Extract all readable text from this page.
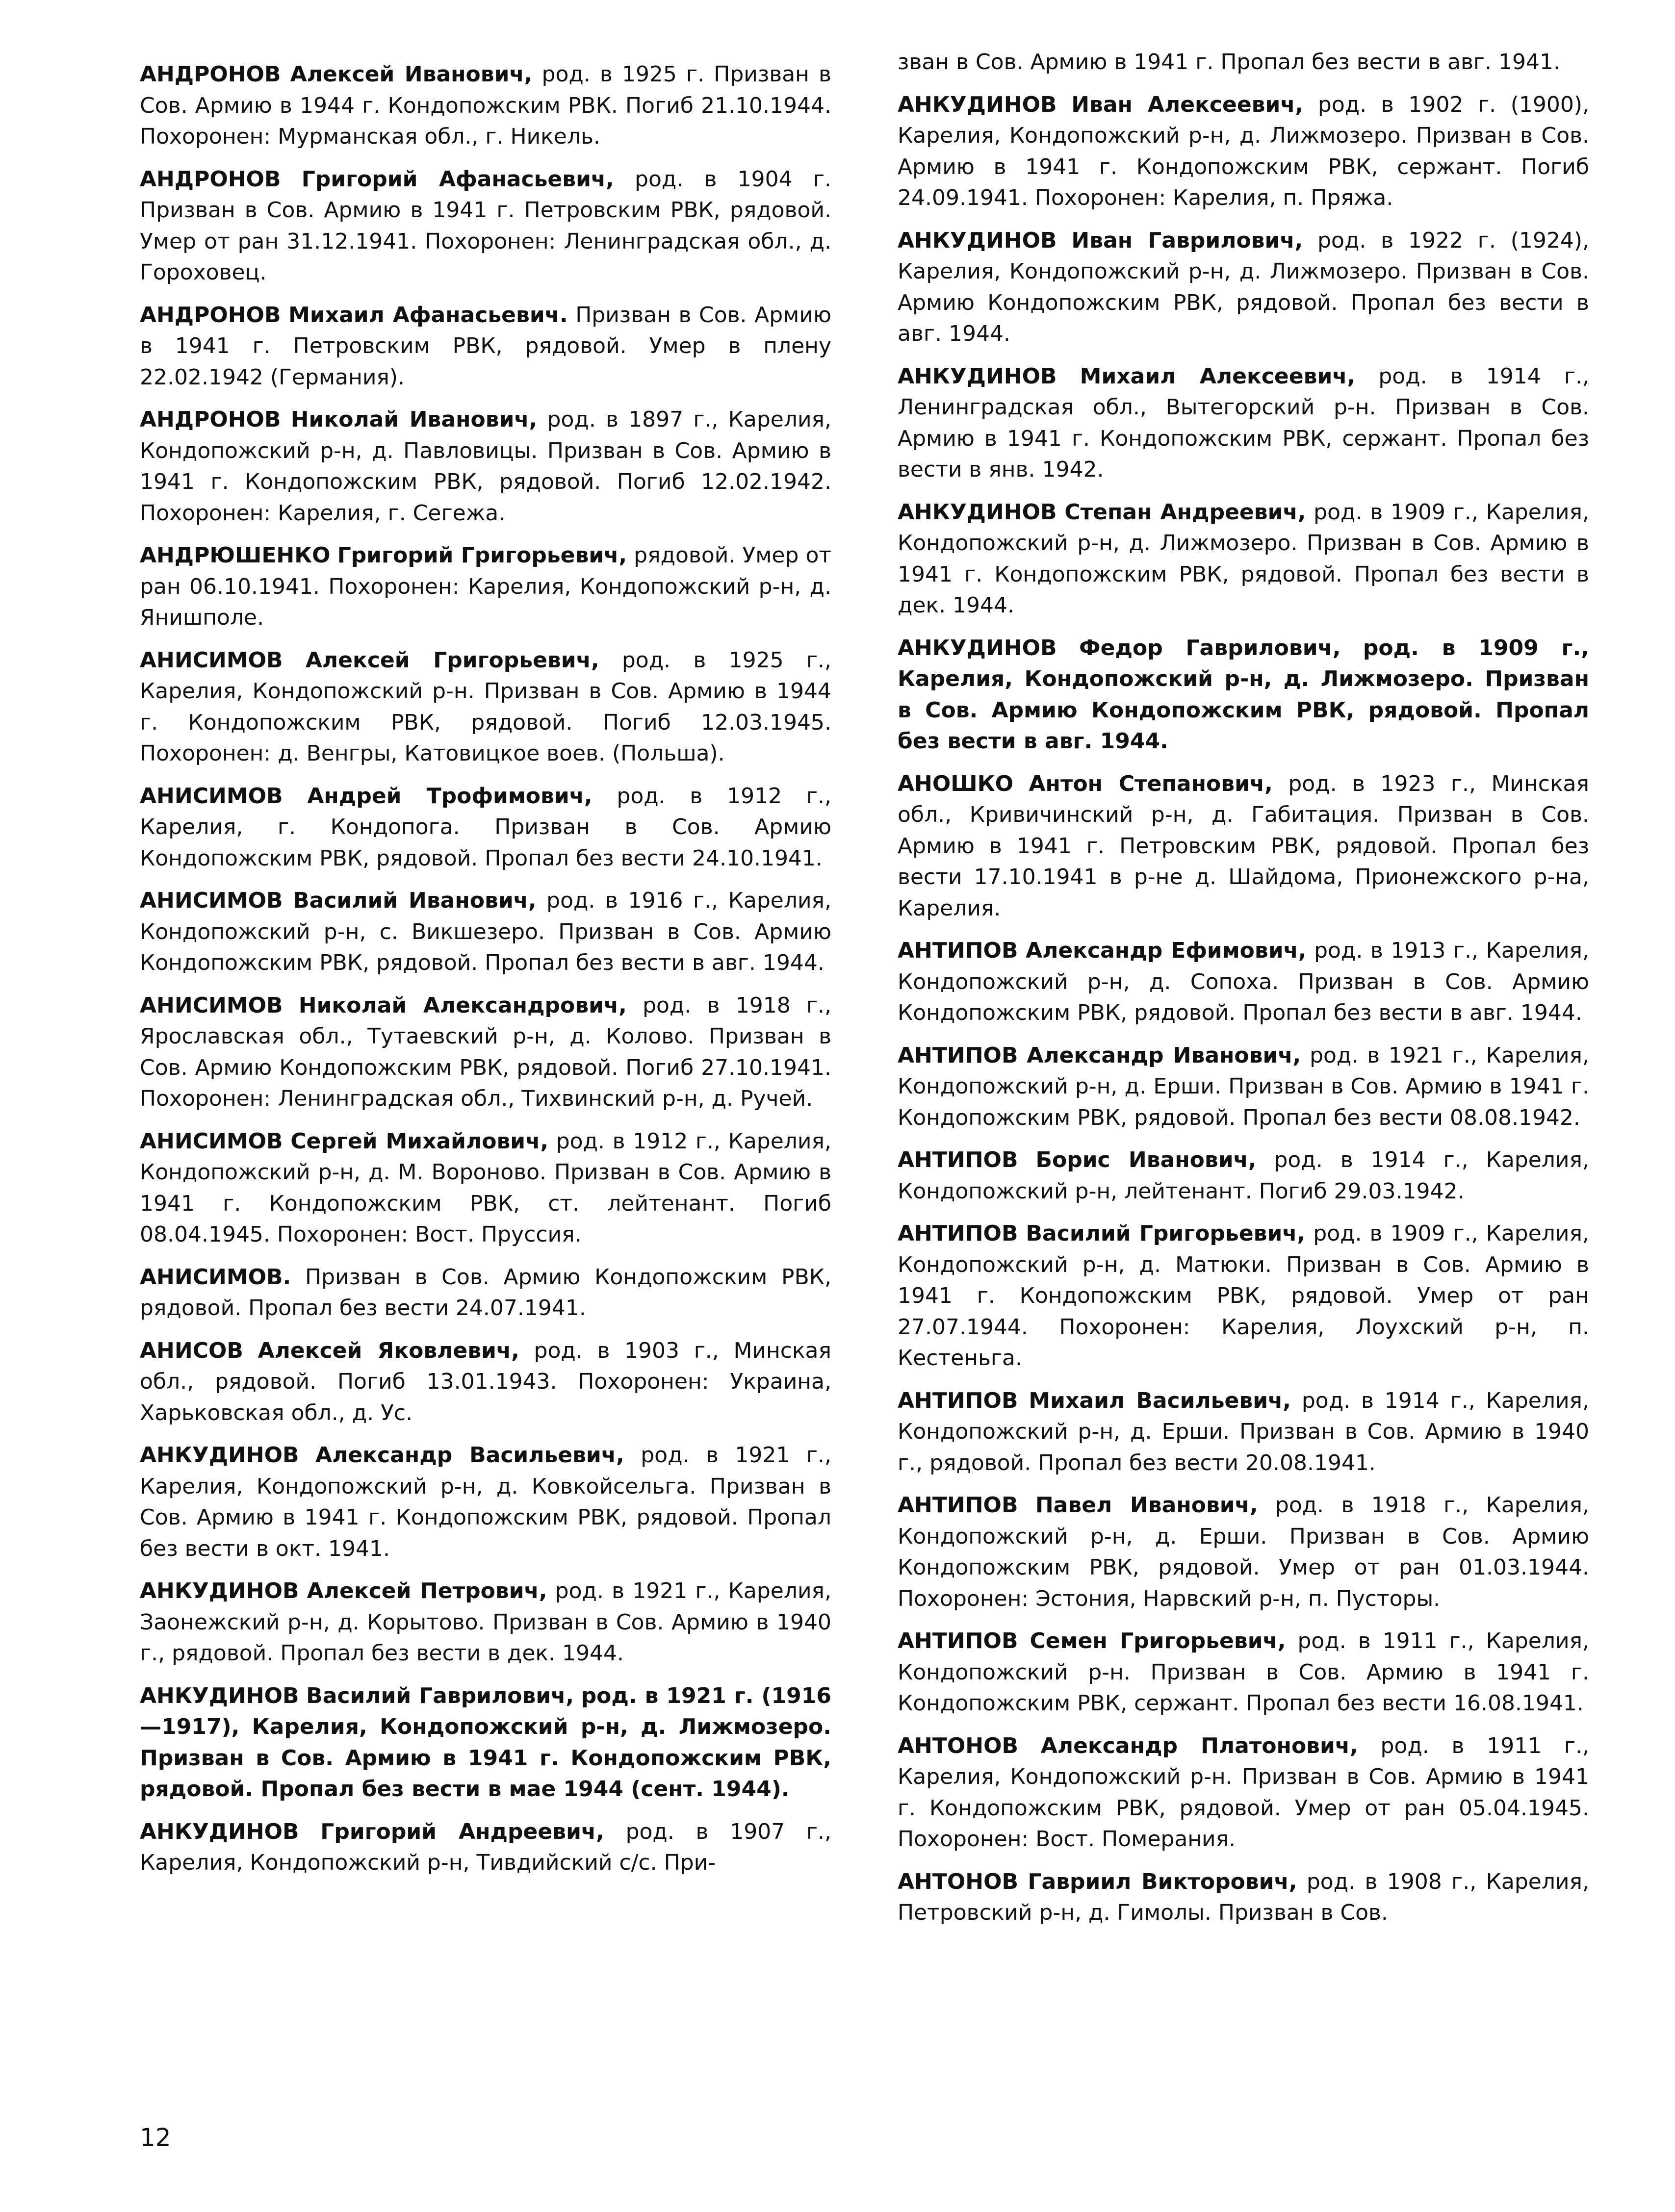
АНДРОНОВ Алексей Иванович, род. в 1925 г. Призван в Сов. Армию в 1944 г. Кондопожским РВК. Погиб 21.10.1944. Похоронен: Мурманская обл., г. Никель.

АНДРОНОВ Григорий Афанасьевич, род. в 1904 г. Призван в Сов. Армию в 1941 г. Петровским РВК, рядовой. Умер от ран 31.12.1941. Похоронен: Ленинградская обл., д. Гороховец.

АНДРОНОВ Михаил Афанасьевич. Призван в Сов. Армию в 1941 г. Петровским РВК, рядовой. Умер в плену 22.02.1942 (Германия).

АНДРОНОВ Николай Иванович, род. в 1897 г., Карелия, Кондопожский р-н, д. Павловицы. Призван в Сов. Армию в 1941 г. Кондопожским РВК, рядовой. Погиб 12.02.1942. Похоронен: Карелия, г. Сегежа.

АНДРЮШЕНКО Григорий Григорьевич, рядовой. Умер от ран 06.10.1941. Похоронен: Карелия, Кондопожский р-н, д. Янишполе.

АНИСИМОВ Алексей Григорьевич, род. в 1925 г., Карелия, Кондопожский р-н. Призван в Сов. Армию в 1944 г. Кондопожским РВК, рядовой. Погиб 12.03.1945. Похоронен: д. Венгры, Катовицкое воев. (Польша).

АНИСИМОВ Андрей Трофимович, род. в 1912 г., Карелия, г. Кондопога. Призван в Сов. Армию Кондопожским РВК, рядовой. Пропал без вести 24.10.1941.

АНИСИМОВ Василий Иванович, род. в 1916 г., Карелия, Кондопожский р-н, с. Викшезеро. Призван в Сов. Армию Кондопожским РВК, рядовой. Пропал без вести в авг. 1944.

АНИСИМОВ Николай Александрович, род. в 1918 г., Ярославская обл., Тутаевский р-н, д. Колово. Призван в Сов. Армию Кондопожским РВК, рядовой. Погиб 27.10.1941. Похоронен: Ленинградская обл., Тихвинский р-н, д. Ручей.

АНИСИМОВ Сергей Михайлович, род. в 1912 г., Карелия, Кондопожский р-н, д. М. Вороново. Призван в Сов. Армию в 1941 г. Кондопожским РВК, ст. лейтенант. Погиб 08.04.1945. Похоронен: Вост. Пруссия.

АНИСИМОВ. Призван в Сов. Армию Кондопожским РВК, рядовой. Пропал без вести 24.07.1941.

АНИСОВ Алексей Яковлевич, род. в 1903 г., Минская обл., рядовой. Погиб 13.01.1943. Похоронен: Украина, Харьковская обл., д. Ус.

АНКУДИНОВ Александр Васильевич, род. в 1921 г., Карелия, Кондопожский р-н, д. Ковкойсельга. Призван в Сов. Армию в 1941 г. Кондопожским РВК, рядовой. Пропал без вести в окт. 1941.

АНКУДИНОВ Алексей Петрович, род. в 1921 г., Карелия, Заонежский р-н, д. Корытово. Призван в Сов. Армию в 1940 г., рядовой. Пропал без вести в дек. 1944.

АНКУДИНОВ Василий Гаврилович, род. в 1921 г. (1916—1917), Карелия, Кондопожский р-н, д. Лижмозеро. Призван в Сов. Армию в 1941 г. Кондопожским РВК, рядовой. Пропал без вести в мае 1944 (сент. 1944).

АНКУДИНОВ Григорий Андреевич, род. в 1907 г., Карелия, Кондопожский р-н, Тивдийский с/с. При-

зван в Сов. Армию в 1941 г. Пропал без вести в авг. 1941.

АНКУДИНОВ Иван Алексеевич, род. в 1902 г. (1900), Карелия, Кондопожский р-н, д. Лижмозеро. Призван в Сов. Армию в 1941 г. Кондопожским РВК, сержант. Погиб 24.09.1941. Похоронен: Карелия, п. Пряжа.

АНКУДИНОВ Иван Гаврилович, род. в 1922 г. (1924), Карелия, Кондопожский р-н, д. Лижмозеро. Призван в Сов. Армию Кондопожским РВК, рядовой. Пропал без вести в авг. 1944.

АНКУДИНОВ Михаил Алексеевич, род. в 1914 г., Ленинградская обл., Вытегорский р-н. Призван в Сов. Армию в 1941 г. Кондопожским РВК, сержант. Пропал без вести в янв. 1942.

АНКУДИНОВ Степан Андреевич, род. в 1909 г., Карелия, Кондопожский р-н, д. Лижмозеро. Призван в Сов. Армию в 1941 г. Кондопожским РВК, рядовой. Пропал без вести в дек. 1944.

АНКУДИНОВ Федор Гаврилович, род. в 1909 г., Карелия, Кондопожский р-н, д. Лижмозеро. Призван в Сов. Армию Кондопожским РВК, рядовой. Пропал без вести в авг. 1944.

АНОШКО Антон Степанович, род. в 1923 г., Минская обл., Кривичинский р-н, д. Габитация. Призван в Сов. Армию в 1941 г. Петровским РВК, рядовой. Пропал без вести 17.10.1941 в р-не д. Шайдома, Прионежского р-на, Карелия.

АНТИПОВ Александр Ефимович, род. в 1913 г., Карелия, Кондопожский р-н, д. Сопоха. Призван в Сов. Армию Кондопожским РВК, рядовой. Пропал без вести в авг. 1944.

АНТИПОВ Александр Иванович, род. в 1921 г., Карелия, Кондопожский р-н, д. Ерши. Призван в Сов. Армию в 1941 г. Кондопожским РВК, рядовой. Пропал без вести 08.08.1942.

АНТИПОВ Борис Иванович, род. в 1914 г., Карелия, Кондопожский р-н, лейтенант. Погиб 29.03.1942.

АНТИПОВ Василий Григорьевич, род. в 1909 г., Карелия, Кондопожский р-н, д. Матюки. Призван в Сов. Армию в 1941 г. Кондопожским РВК, рядовой. Умер от ран 27.07.1944. Похоронен: Карелия, Лоухский р-н, п. Кестеньга.

АНТИПОВ Михаил Васильевич, род. в 1914 г., Карелия, Кондопожский р-н, д. Ерши. Призван в Сов. Армию в 1940 г., рядовой. Пропал без вести 20.08.1941.

АНТИПОВ Павел Иванович, род. в 1918 г., Карелия, Кондопожский р-н, д. Ерши. Призван в Сов. Армию Кондопожским РВК, рядовой. Умер от ран 01.03.1944. Похоронен: Эстония, Нарвский р-н, п. Пусторы.

АНТИПОВ Семен Григорьевич, род. в 1911 г., Карелия, Кондопожский р-н. Призван в Сов. Армию в 1941 г. Кондопожским РВК, сержант. Пропал без вести 16.08.1941.

АНТОНОВ Александр Платонович, род. в 1911 г., Карелия, Кондопожский р-н. Призван в Сов. Армию в 1941 г. Кондопожским РВК, рядовой. Умер от ран 05.04.1945. Похоронен: Вост. Померания.

АНТОНОВ Гавриил Викторович, род. в 1908 г., Карелия, Петровский р-н, д. Гимолы. Призван в Сов.

12
